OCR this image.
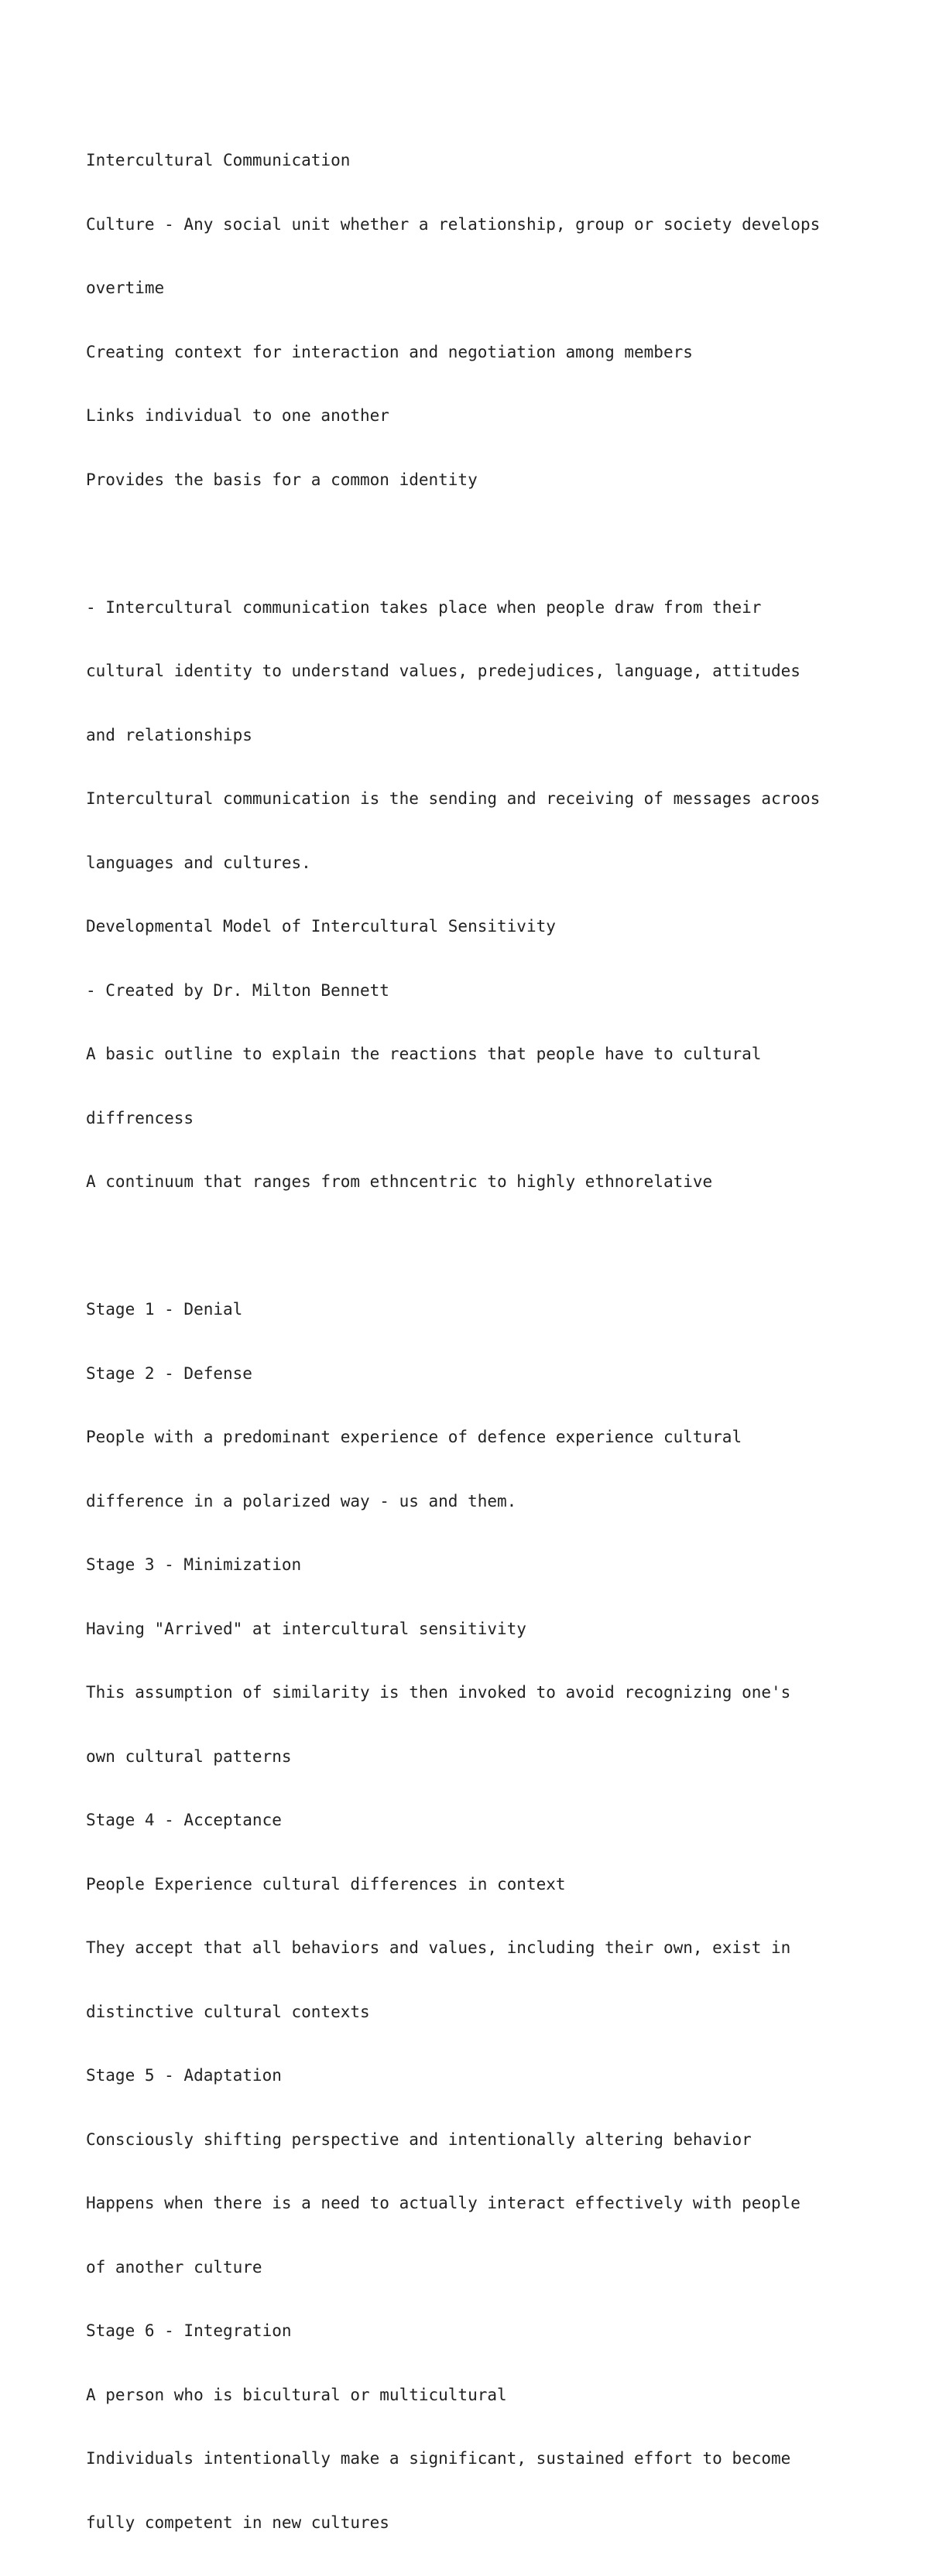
Intercultural Communication

Culture - Any social unit whether a relationship, group or society develops

overtime

Creating context for interaction and negotiation among members

Links individual to one another

Provides the basis for a common identity

- Intercultural communication takes place when people draw from their

cultural identity to understand values, predejudices, language, attitudes

and relationships

Intercultural communication is the sending and receiving of messages acroos

languages and cultures.

Developmental Model of Intercultural Sensitivity

- Created by Dr. Milton Bennett

A basic outline to explain the reactions that people have to cultural

diffrencess

A continuum that ranges from ethncentric to highly ethnorelative

Stage 1 - Denial

Stage 2 - Defense

People with a predominant experience of defence experience cultural

difference in a polarized way - us and them.

Stage 3 - Minimization

Having "Arrived" at intercultural sensitivity

This assumption of similarity is then invoked to avoid recognizing one's

own cultural patterns

Stage 4 - Acceptance

People Experience cultural differences in context

They accept that all behaviors and values, including their own, exist in

distinctive cultural contexts

Stage 5 - Adaptation

Consciously shifting perspective and intentionally altering behavior

Happens when there is a need to actually interact effectively with people

of another culture

Stage 6 - Integration

A person who is bicultural or multicultural

Individuals intentionally make a significant, sustained effort to become

fully competent in new cultures
